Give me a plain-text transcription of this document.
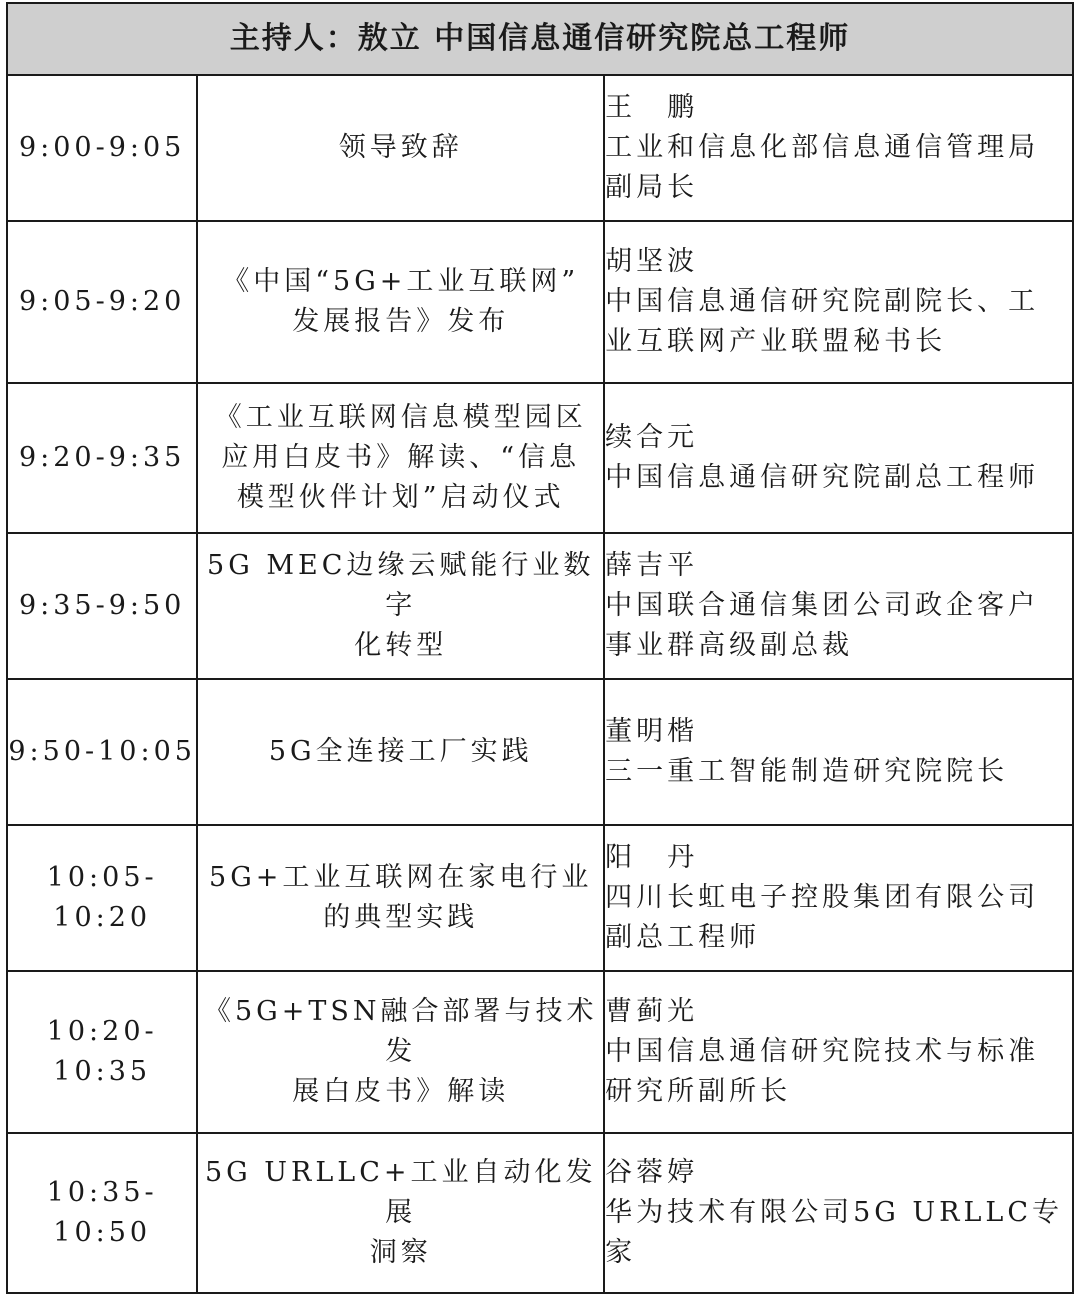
主持人：敖立 中国信息通信研究院总工程师		
9:00-9:05	领导致辞	王　鹏
工业和信息化部信息通信管理局
副局长

9:05-9:20	《中国“5G+工业互联网”
发展报告》发布	胡坚波
中国信息通信研究院副院长、工
业互联网产业联盟秘书长

9:20-9:35	《工业互联网信息模型园区
应用白皮书》解读、“信息
模型伙伴计划”启动仪式	续合元
中国信息通信研究院副总工程师

9:35-9:50	5G MEC边缘云赋能行业数字
化转型	薛吉平
中国联合通信集团公司政企客户
事业群高级副总裁

9:50-10:05	5G全连接工厂实践	董明楷
三一重工智能制造研究院院长

10:05-
10:20	5G+工业互联网在家电行业
的典型实践	阳　丹
四川长虹电子控股集团有限公司
副总工程师

10:20-
10:35	《5G+TSN融合部署与技术发
展白皮书》解读	曹蓟光
中国信息通信研究院技术与标准
研究所副所长

10:35-
10:50	5G URLLC+工业自动化发展
洞察	谷蓉婷
华为技术有限公司5G URLLC专家
